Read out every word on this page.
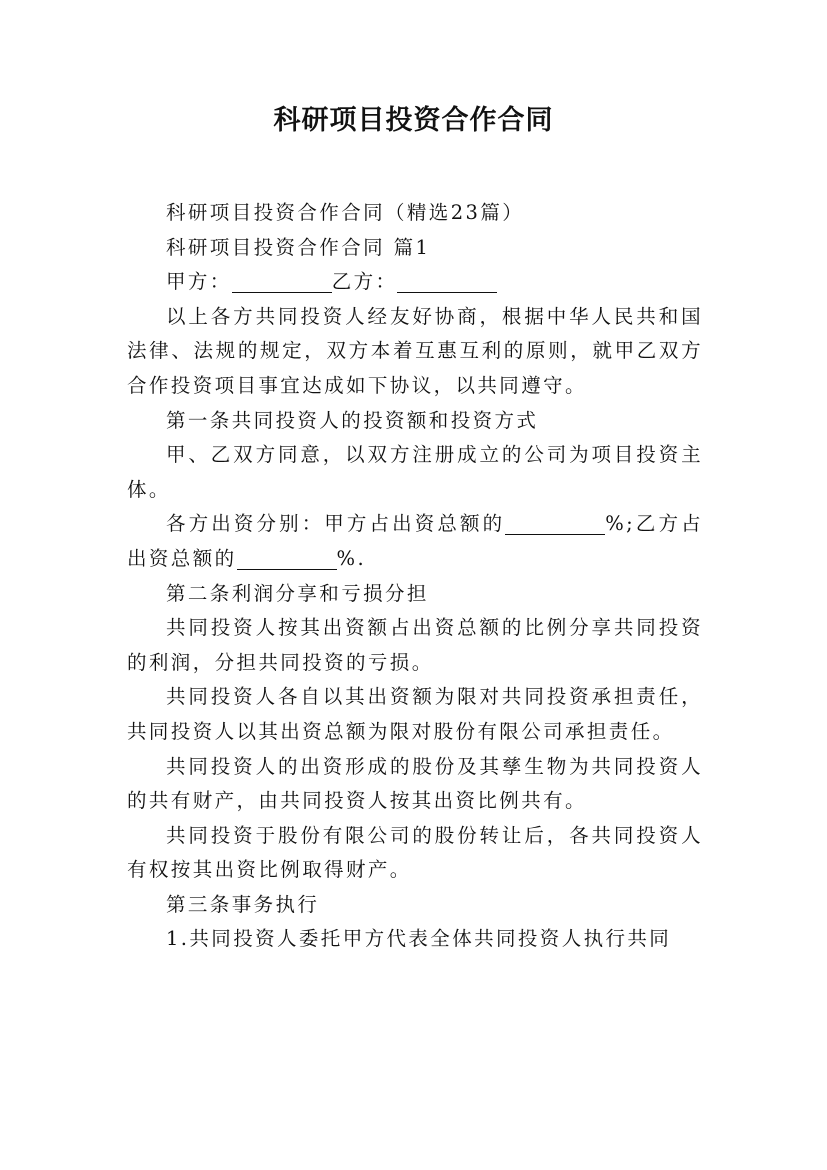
科研项目投资合作合同

科研项目投资合作合同（精选23篇）

科研项目投资合作合同 篇1

甲方：	乙方：

以上各方共同投资人经友好协商，根据中华人民共和国法律、法规的规定，双方本着互惠互利的原则，就甲乙双方合作投资项目事宜达成如下协议，以共同遵守。

第一条共同投资人的投资额和投资方式

甲、乙双方同意，以双方注册成立的公司为项目投资主体。

各方出资分别：甲方占出资总额的	%;乙方占出资总额的	%.

第二条利润分享和亏损分担

共同投资人按其出资额占出资总额的比例分享共同投资的利润，分担共同投资的亏损。

共同投资人各自以其出资额为限对共同投资承担责任，共同投资人以其出资总额为限对股份有限公司承担责任。

共同投资人的出资形成的股份及其孳生物为共同投资人的共有财产，由共同投资人按其出资比例共有。

共同投资于股份有限公司的股份转让后，各共同投资人有权按其出资比例取得财产。

第三条事务执行

1.共同投资人委托甲方代表全体共同投资人执行共同
